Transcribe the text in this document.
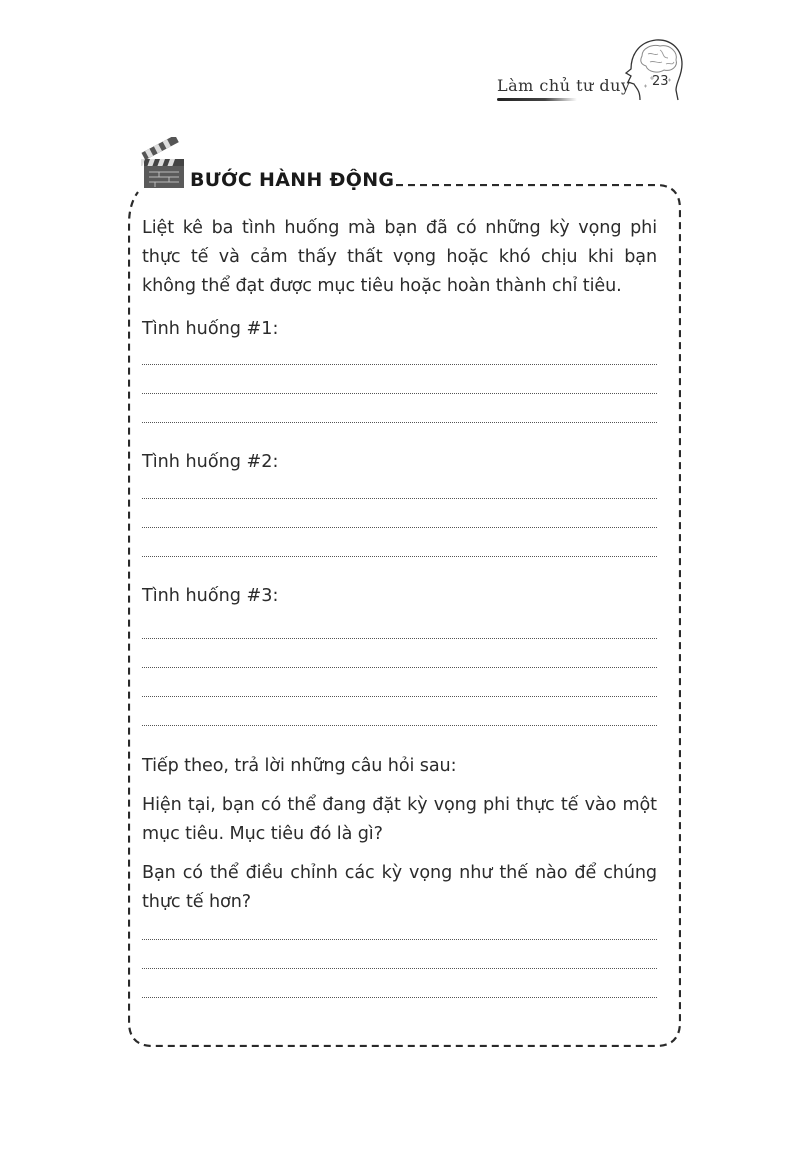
Làm chủ tư duy 23
BƯỚC HÀNH ĐỘNG

Liệt kê ba tình huống mà bạn đã có những kỳ vọng phi thực tế và cảm thấy thất vọng hoặc khó chịu khi bạn không thể đạt được mục tiêu hoặc hoàn thành chỉ tiêu.

Tình huống #1:

Tình huống #2:

Tình huống #3:

Tiếp theo, trả lời những câu hỏi sau:

Hiện tại, bạn có thể đang đặt kỳ vọng phi thực tế vào một mục tiêu. Mục tiêu đó là gì?

Bạn có thể điều chỉnh các kỳ vọng như thế nào để chúng thực tế hơn?
